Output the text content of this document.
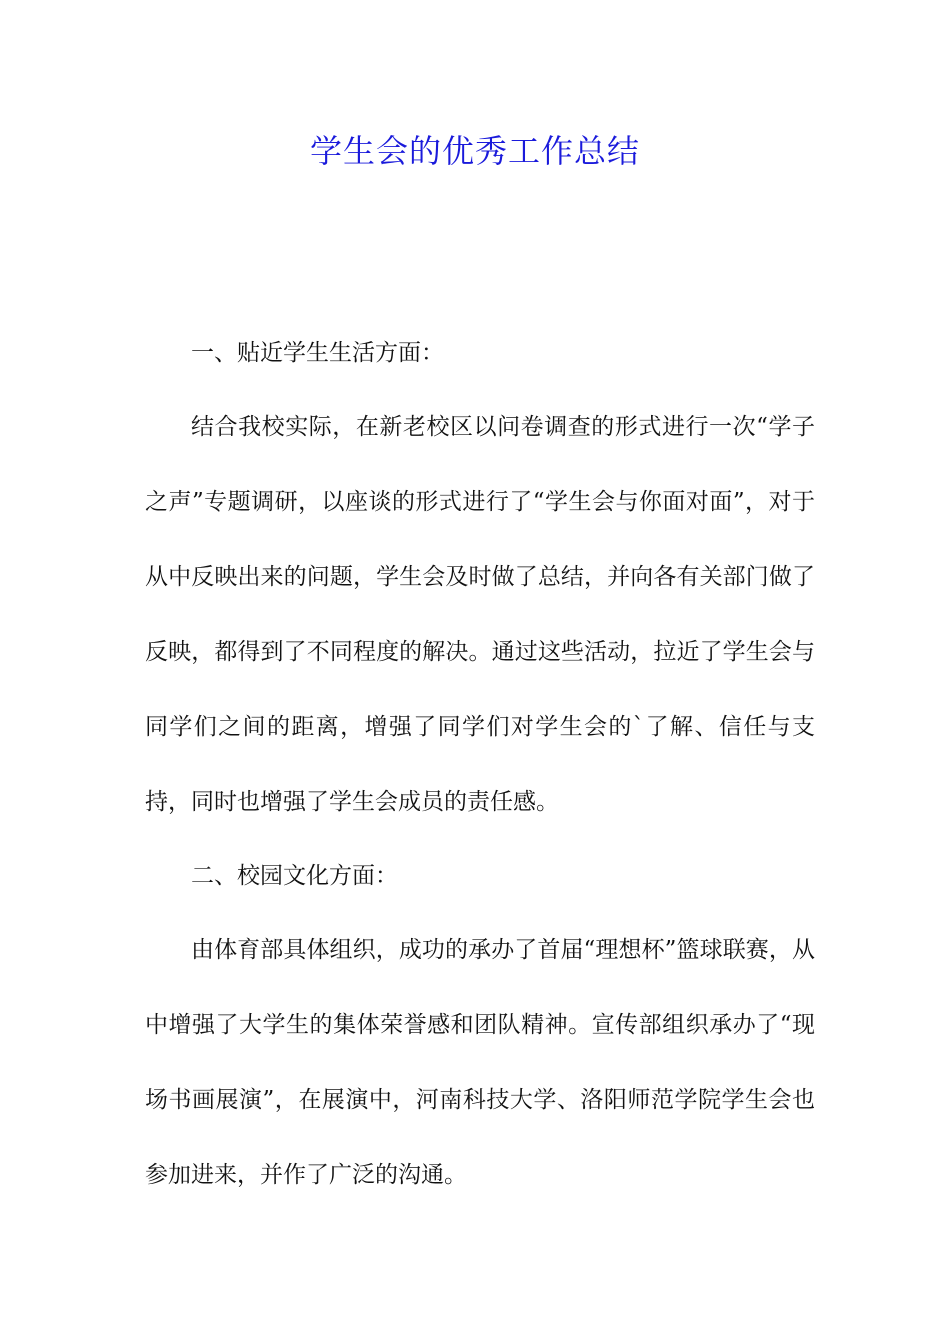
学生会的优秀工作总结

一、贴近学生生活方面：

结合我校实际，在新老校区以问卷调查的形式进行一次“学子之声”专题调研，以座谈的形式进行了“学生会与你面对面”，对于从中反映出来的问题，学生会及时做了总结，并向各有关部门做了反映，都得到了不同程度的解决。通过这些活动，拉近了学生会与同学们之间的距离，增强了同学们对学生会的`了解、信任与支持，同时也增强了学生会成员的责任感。

二、校园文化方面：

由体育部具体组织，成功的承办了首届“理想杯”篮球联赛，从中增强了大学生的集体荣誉感和团队精神。宣传部组织承办了“现场书画展演”，在展演中，河南科技大学、洛阳师范学院学生会也参加进来，并作了广泛的沟通。
